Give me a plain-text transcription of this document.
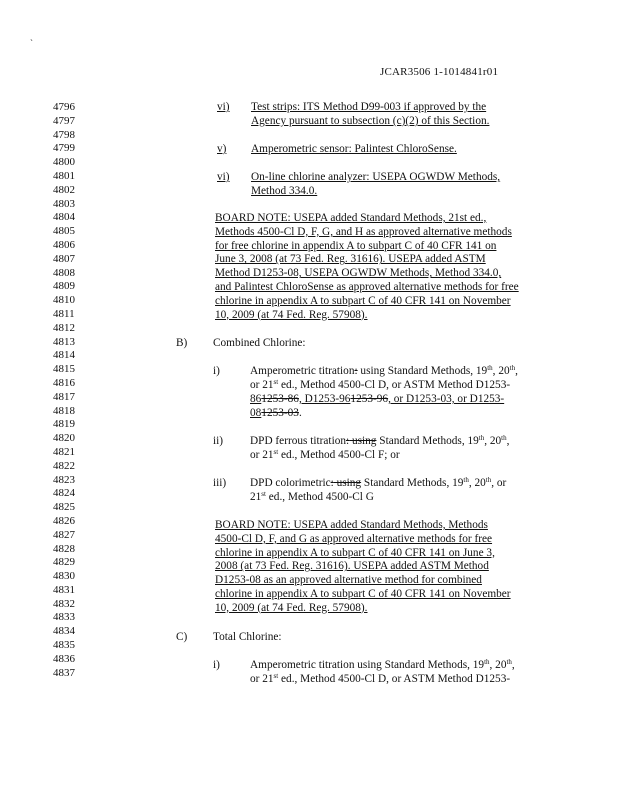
`
JCAR3506 1-1014841r01
4796
4797
4798
4799
4800
4801
4802
4803
4804
4805
4806
4807
4808
4809
4810
4811
4812
4813
4814
4815
4816
4817
4818
4819
4820
4821
4822
4823
4824
4825
4826
4827
4828
4829
4830
4831
4832
4833
4834
4835
4836
4837
vi) Test strips: ITS Method D99-003 if approved by the
Agency pursuant to subsection (c)(2) of this Section.
v) Amperometric sensor: Palintest ChloroSense.
vi) On-line chlorine analyzer: USEPA OGWDW Methods,
Method 334.0.
BOARD NOTE: USEPA added Standard Methods, 21st ed.,
Methods 4500-Cl D, F, G, and H as approved alternative methods
for free chlorine in appendix A to subpart C of 40 CFR 141 on
June 3, 2008 (at 73 Fed. Reg. 31616). USEPA added ASTM
Method D1253-08, USEPA OGWDW Methods, Method 334.0,
and Palintest ChloroSense as approved alternative methods for free
chlorine in appendix A to subpart C of 40 CFR 141 on November
10, 2009 (at 74 Fed. Reg. 57908).
B) Combined Chlorine:
i)	Amperometric titration: using Standard Methods, 19th, 20th,
or 21st ed., Method 4500-Cl D, or ASTM Method D1253-
861253-86, D1253-961253-96, or D1253-03, or D1253-
081253-03.
ii) DPD ferrous titration: using Standard Methods, 19th, 20th,
or 21st ed., Method 4500-Cl F; or
iii) DPD colorimetric: using Standard Methods, 19th, 20th, or
21st ed., Method 4500-Cl G
BOARD NOTE: USEPA added Standard Methods, Methods
4500-Cl D, F, and G as approved alternative methods for free
chlorine in appendix A to subpart C of 40 CFR 141 on June 3,
2008 (at 73 Fed. Reg. 31616). USEPA added ASTM Method
D1253-08 as an approved alternative method for combined
chlorine in appendix A to subpart C of 40 CFR 141 on November
10, 2009 (at 74 Fed. Reg. 57908).
C) Total Chlorine:
i)	Amperometric titration using Standard Methods, 19th, 20th,
or 21st ed., Method 4500-Cl D, or ASTM Method D1253-
